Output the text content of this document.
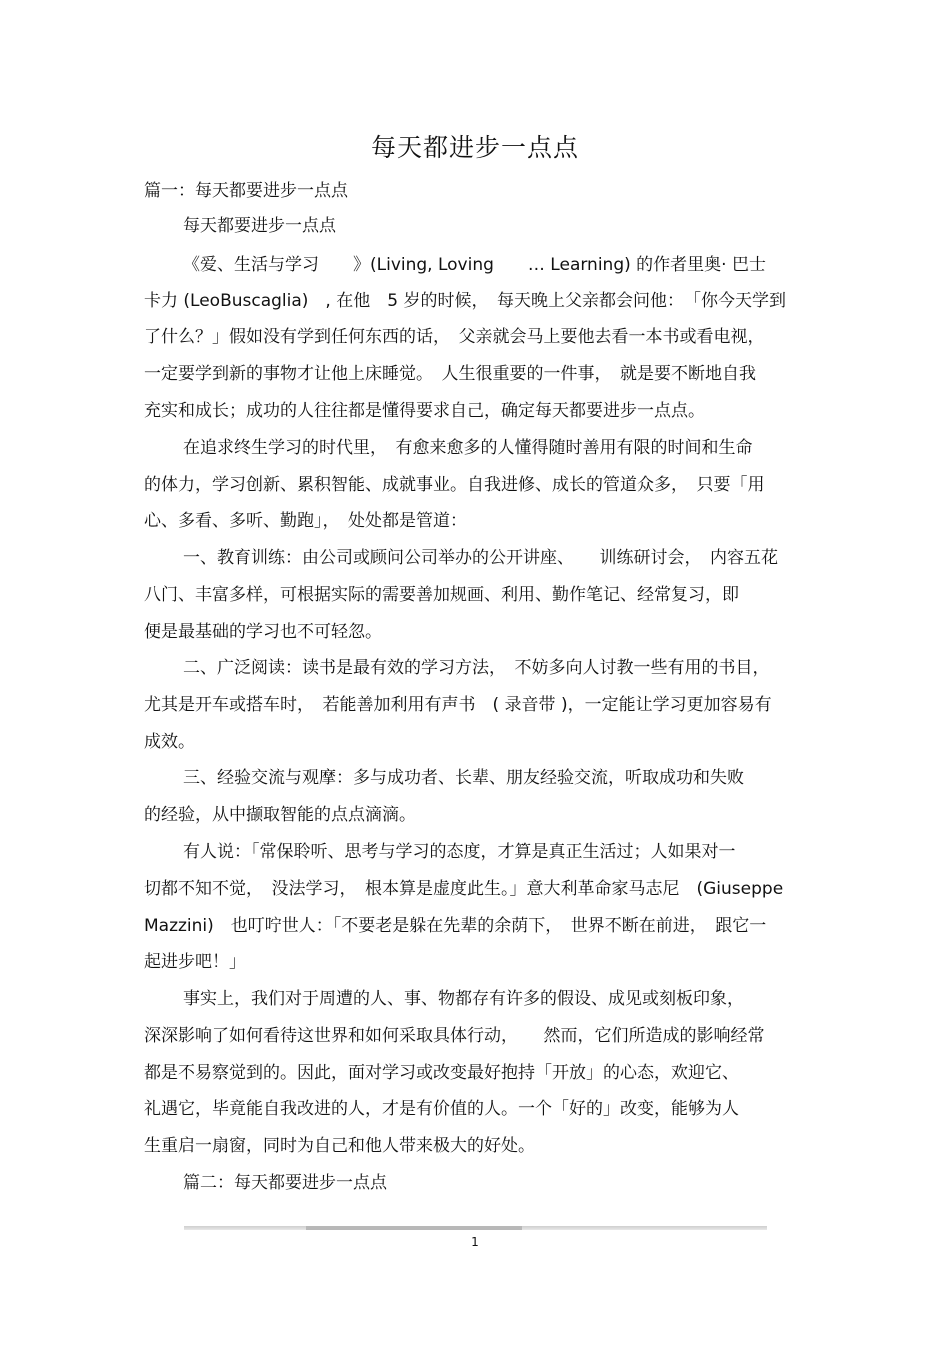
每天都进步一点点
篇一：每天都要进步一点点
每天都要进步一点点
《爱、生活与学习　　》(Living, Loving　　… Learning) 的作者里奥· 巴士
卡力 (LeoBuscaglia)　, 在他　5 岁的时候，　每天晚上父亲都会问他：　「你今天学到
了什么？」假如没有学到任何东西的话，　父亲就会马上要他去看一本书或看电视，
一定要学到新的事物才让他上床睡觉。　人生很重要的一件事，　就是要不断地自我
充实和成长；成功的人往往都是懂得要求自己，确定每天都要进步一点点。
在追求终生学习的时代里，　有愈来愈多的人懂得随时善用有限的时间和生命
的体力，学习创新、累积智能、成就事业。自我进修、成长的管道众多，　只要「用
心、多看、多听、勤跑」，　处处都是管道：
一、教育训练：由公司或顾问公司举办的公开讲座、　　训练研讨会，　内容五花
八门、丰富多样，可根据实际的需要善加规画、利用、勤作笔记、经常复习，即
便是最基础的学习也不可轻忽。
二、广泛阅读：读书是最有效的学习方法，　不妨多向人讨教一些有用的书目，
尤其是开车或搭车时，　若能善加利用有声书　( 录音带 )，一定能让学习更加容易有
成效。
三、经验交流与观摩：多与成功者、长辈、朋友经验交流，听取成功和失败
的经验，从中撷取智能的点点滴滴。
有人说：「常保聆听、思考与学习的态度，才算是真正生活过；人如果对一
切都不知不觉，　没法学习，　根本算是虚度此生。」意大利革命家马志尼　(Giuseppe
Mazzini)　也叮咛世人：「不要老是躲在先辈的余荫下，　世界不断在前进，　跟它一
起进步吧！」
事实上，我们对于周遭的人、事、物都存有许多的假设、成见或刻板印象，
深深影响了如何看待这世界和如何采取具体行动，　　然而，它们所造成的影响经常
都是不易察觉到的。因此，面对学习或改变最好抱持「开放」的心态，欢迎它、
礼遇它，毕竟能自我改进的人，才是有价值的人。一个「好的」改变，能够为人
生重启一扇窗，同时为自己和他人带来极大的好处。
篇二：每天都要进步一点点
1
